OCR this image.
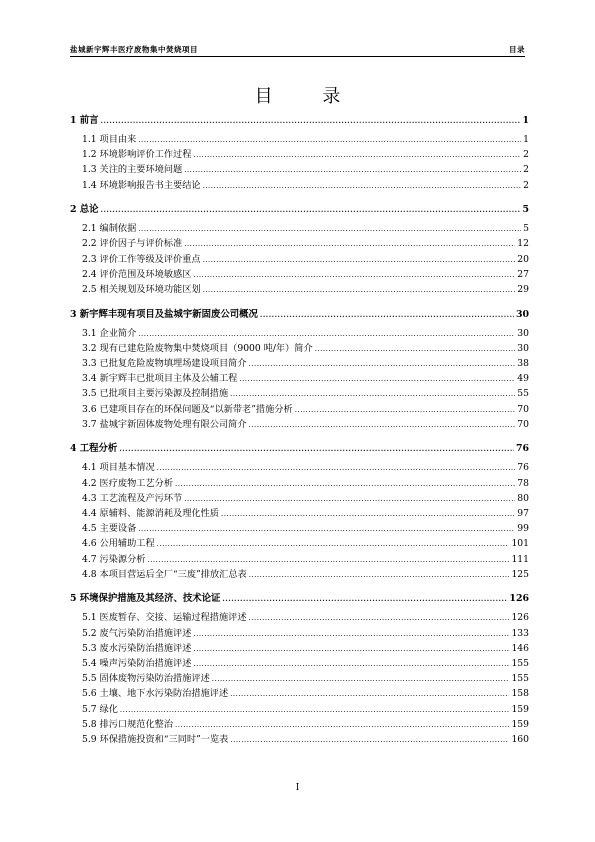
盐城新宇辉丰医疗废物集中焚烧项目	目录
目 录
1 前言 .....	1
1.1 项目由来 .....	1
1.2 环境影响评价工作过程 .....	2
1.3 关注的主要环境问题 .....	2
1.4 环境影响报告书主要结论 .....	2
2 总论 .....	5
2.1 编制依据 .....	5
2.2 评价因子与评价标准 .....	12
2.3 评价工作等级及评价重点 .....	20
2.4 评价范围及环境敏感区 .....	27
2.5 相关规划及环境功能区划 .....	29
3 新宇辉丰现有项目及盐城宇新固废公司概况 .....	30
3.1 企业简介 .....	30
3.2 现有已建危险废物集中焚烧项目（9000 吨/年）简介 .....	30
3.3 已批复危险废物填埋场建设项目简介 .....	38
3.4 新宇辉丰已批项目主体及公辅工程 .....	49
3.5 已批项目主要污染源及控制措施 .....	55
3.6 已建项目存在的环保问题及“以新带老”措施分析 .....	70
3.7 盐城宇新固体废物处理有限公司简介 .....	70
4 工程分析 .....	76
4.1 项目基本情况 .....	76
4.2 医疗废物工艺分析 .....	78
4.3 工艺流程及产污环节 .....	80
4.4 原辅料、能源消耗及理化性质 .....	97
4.5 主要设备 .....	99
4.6 公用辅助工程 .....	101
4.7 污染源分析 .....	111
4.8 本项目营运后全厂“三废”排放汇总表 .....	125
5 环境保护措施及其经济、技术论证 .....	126
5.1 医废暂存、交接、运输过程措施评述 .....	126
5.2 废气污染防治措施评述 .....	133
5.3 废水污染防治措施评述 .....	146
5.4 噪声污染防治措施评述 .....	155
5.5 固体废物污染防治措施评述 .....	155
5.6 土壤、地下水污染防治措施评述 .....	158
5.7 绿化 .....	159
5.8 排污口规范化整治 .....	159
5.9 环保措施投资和“三同时”一览表 .....	160
I
